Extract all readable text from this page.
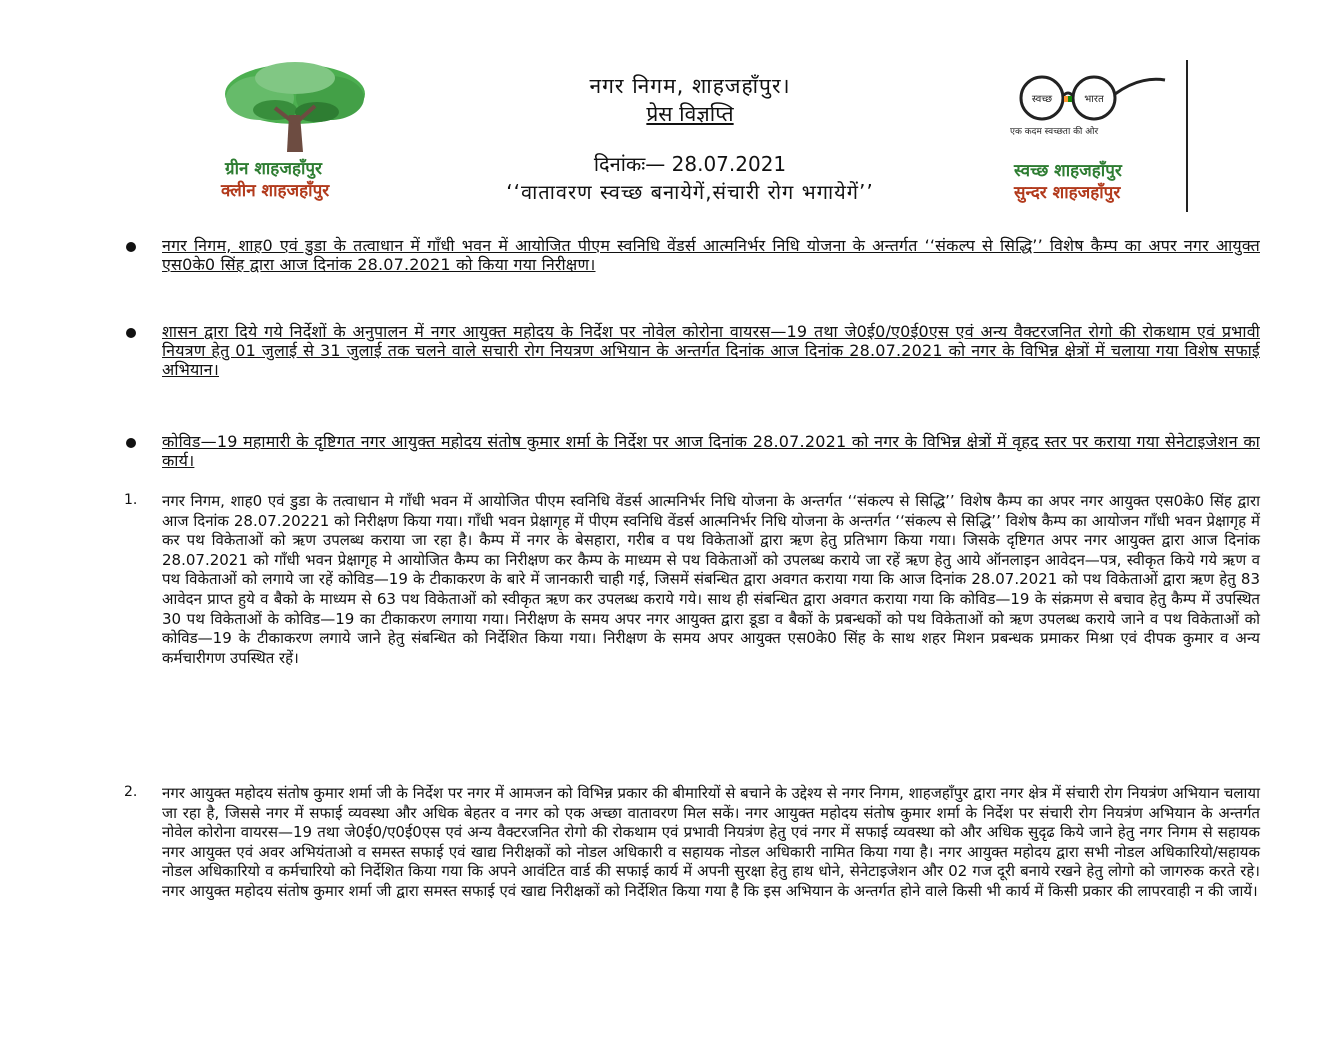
ग्रीन शाहजहाँपुर
क्लीन शाहजहाँपुर
नगर निगम, शाहजहाँपुर।
प्रेस विज्ञप्ति
दिनांकः— 28.07.2021
‘‘वातावरण स्वच्छ बनायेगें,संचारी रोग भगायेगें’’
स्वच्छ	भारत
एक कदम स्वच्छता की ओर
स्वच्छ शाहजहाँपुर
सुन्दर शाहजहाँपुर
नगर निगम, शाह0 एवं डुडा के तत्वाधान में गाँधी भवन में आयोजित पीएम स्वनिधि वेंडर्स आत्मनिर्भर निधि योजना के अन्तर्गत ‘‘संकल्प से सिद्धि’’ विशेष कैम्प का अपर नगर आयुक्त एस0के0 सिंह द्वारा आज दिनांक 28.07.2021 को किया गया निरीक्षण।
शासन द्वारा दिये गये निर्देशों के अनुपालन में नगर आयुक्त महोदय के निर्देश पर नोवेल कोरोना वायरस—19 तथा जे0ई0/ए0ई0एस एवं अन्य वैक्टरजनित रोगो की रोकथाम एवं प्रभावी नियत्रण हेतु 01 जुलाई से 31 जुलाई तक चलने वाले सचारी रोग नियत्रण अभियान के अन्तर्गत दिनांक आज दिनांक 28.07.2021 को नगर के विभिन्न क्षेत्रों में चलाया गया विशेष सफाई अभियान।
कोविड—19 महामारी के दृष्टिगत नगर आयुक्त महोदय संतोष कुमार शर्मा के निर्देश पर आज दिनांक 28.07.2021 को नगर के विभिन्न क्षेत्रों में वृहद स्तर पर कराया गया सेनेटाइजेशन का कार्य।
1. नगर निगम, शाह0 एवं डुडा के तत्वाधान मे गाँधी भवन में आयोजित पीएम स्वनिधि वेंडर्स आत्मनिर्भर निधि योजना के अन्तर्गत ‘‘संकल्प से सिद्धि’’ विशेष कैम्प का अपर नगर आयुक्त एस0के0 सिंह द्वारा आज दिनांक 28.07.20221 को निरीक्षण किया गया। गाँधी भवन प्रेक्षागृह में पीएम स्वनिधि वेंडर्स आत्मनिर्भर निधि योजना के अन्तर्गत ‘‘संकल्प से सिद्धि’’ विशेष कैम्प का आयोजन गाँधी भवन प्रेक्षागृह में कर पथ विकेताओं को ऋण उपलब्ध कराया जा रहा है। कैम्प में नगर के बेसहारा, गरीब व पथ विकेताओं द्वारा ऋण हेतु प्रतिभाग किया गया। जिसके दृष्टिगत अपर नगर आयुक्त द्वारा आज दिनांक 28.07.2021 को गाँधी भवन प्रेक्षागृह मे आयोजित कैम्प का निरीक्षण कर कैम्प के माध्यम से पथ विकेताओं को उपलब्ध कराये जा रहें ऋण हेतु आये ऑनलाइन आवेदन—पत्र, स्वीकृत किये गये ऋण व पथ विकेताओं को लगाये जा रहें कोविड—19 के टीकाकरण के बारे में जानकारी चाही गई, जिसमें संबन्धित द्वारा अवगत कराया गया कि आज दिनांक 28.07.2021 को पथ विकेताओं द्वारा ऋण हेतु 83 आवेदन प्राप्त हुये व बैको के माध्यम से 63 पथ विकेताओं को स्वीकृत ऋण कर उपलब्ध कराये गये। साथ ही संबन्धित द्वारा अवगत कराया गया कि कोविड—19 के संक्रमण से बचाव हेतु कैम्प में उपस्थित 30 पथ विकेताओं के कोविड—19 का टीकाकरण लगाया गया। निरीक्षण के समय अपर नगर आयुक्त द्वारा डूडा व बैकों के प्रबन्धकों को पथ विकेताओं को ऋण उपलब्ध कराये जाने व पथ विकेताओं को कोविड—19 के टीकाकरण लगाये जाने हेतु संबन्धित को निर्देशित किया गया। निरीक्षण के समय अपर आयुक्त एस0के0 सिंह के साथ शहर मिशन प्रबन्धक प्रमाकर मिश्रा एवं दीपक कुमार व अन्य कर्मचारीगण उपस्थित रहें।
2. नगर आयुक्त महोदय संतोष कुमार शर्मा जी के निर्देश पर नगर में आमजन को विभिन्न प्रकार की बीमारियों से बचाने के उद्देश्य से नगर निगम, शाहजहाँपुर द्वारा नगर क्षेत्र में संचारी रोग नियत्रंण अभियान चलाया जा रहा है, जिससे नगर में सफाई व्यवस्था और अधिक बेहतर व नगर को एक अच्छा वातावरण मिल सकें। नगर आयुक्त महोदय संतोष कुमार शर्मा के निर्देश पर संचारी रोग नियत्रंण अभियान के अन्तर्गत नोवेल कोरोना वायरस—19 तथा जे0ई0/ए0ई0एस एवं अन्य वैक्टरजनित रोगो की रोकथाम एवं प्रभावी नियत्रंण हेतु एवं नगर में सफाई व्यवस्था को और अधिक सुदृढ किये जाने हेतु नगर निगम से सहायक नगर आयुक्त एवं अवर अभियंताओ व समस्त सफाई एवं खाद्य निरीक्षकों को नोडल अधिकारी व सहायक नोडल अधिकारी नामित किया गया है। नगर आयुक्त महोदय द्वारा सभी नोडल अधिकारियो/सहायक नोडल अधिकारियो व कर्मचारियो को निर्देशित किया गया कि अपने आवंटित वार्ड की सफाई कार्य में अपनी सुरक्षा हेतु हाथ धोने, सेनेटाइजेशन और 02 गज दूरी बनाये रखने हेतु लोगो को जागरुक करते रहे। नगर आयुक्त महोदय संतोष कुमार शर्मा जी द्वारा समस्त सफाई एवं खाद्य निरीक्षकों को निर्देशित किया गया है कि इस अभियान के अन्तर्गत होने वाले किसी भी कार्य में किसी प्रकार की लापरवाही न की जायें।
